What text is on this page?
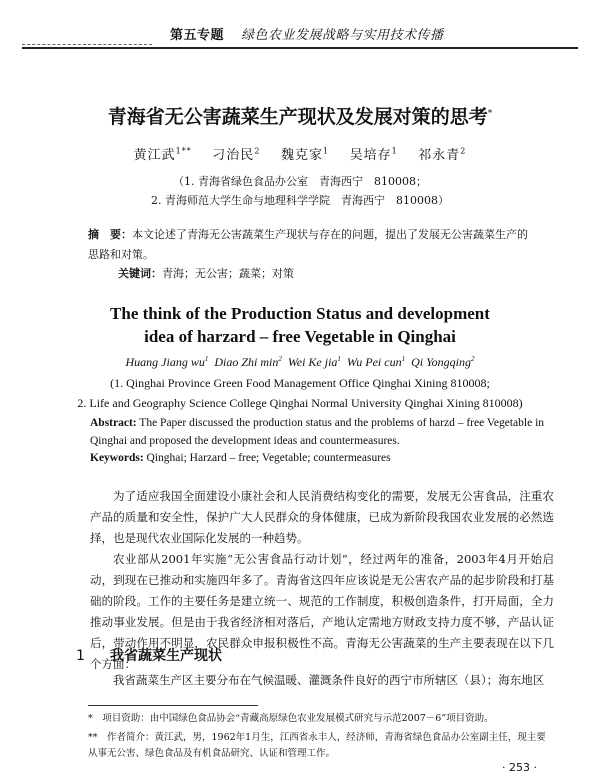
第五专题 绿色农业发展战略与实用技术传播
青海省无公害蔬菜生产现状及发展对策的思考*
黄江武$^{1**}$ 刁治民$^2$ 魏克家$^1$ 吴培存$^1$ 祁永青$^2$
（1. 青海省绿色食品办公室　青海西宁　810008；
2. 青海师范大学生命与地理科学学院　青海西宁　810008）
摘　要：本文论述了青海无公害蔬菜生产现状与存在的问题，提出了发展无公害蔬菜生产的思路和对策。
关键词：青海；无公害；蔬菜；对策
The think of the Production Status and development
idea of harzard – free Vegetable in Qinghai
Huang Jiang $wu^1$ Diao Zhi $\min^2$ Wei Ke jia$^1$ Wu Pei cun$^1$ Qi Yongqing$^2$
(1. Qinghai Province Green Food Management Office Qinghai Xining 810008;
2. Life and Geography Science College Qinghai Normal University Qinghai Xining 810008)
Abstract: The Paper discussed the production status and the problems of harzd – free Vegetable in Qinghai and proposed the development ideas and countermeasures.
Keywords: Qinghai; Harzard – free; Vegetable; countermeasures
为了适应我国全面建设小康社会和人民消费结构变化的需要，发展无公害食品，注重农产品的质量和安全性，保护广大人民群众的身体健康，已成为新阶段我国农业发展的必然选择，也是现代农业国际化发展的一种趋势。
农业部从2001年实施“无公害食品行动计划”，经过两年的准备，2003年4月开始启动，到现在已推动和实施四年多了。青海省这四年应该说是无公害农产品的起步阶段和打基础的阶段。工作的主要任务是建立统一、规范的工作制度，积极创造条件，打开局面，全力推动事业发展。但是由于我省经济相对落后，产地认定需地方财政支持力度不够，产品认证后，带动作用不明显，农民群众申报积极性不高。青海无公害蔬菜的生产主要表现在以下几个方面：
1 我省蔬菜生产现状
我省蔬菜生产区主要分布在气候温暖、灌溉条件良好的西宁市所辖区（县）；海东地区
*　项目资助：由中国绿色食品协会“青藏高原绿色农业发展模式研究与示范2007－6”项目资助。
**　作者简介：黄江武，男，1962年1月生，江西省永丰人，经济师，青海省绿色食品办公室副主任，现主要从事无公害、绿色食品及有机食品研究、认证和管理工作。
· 253 ·
